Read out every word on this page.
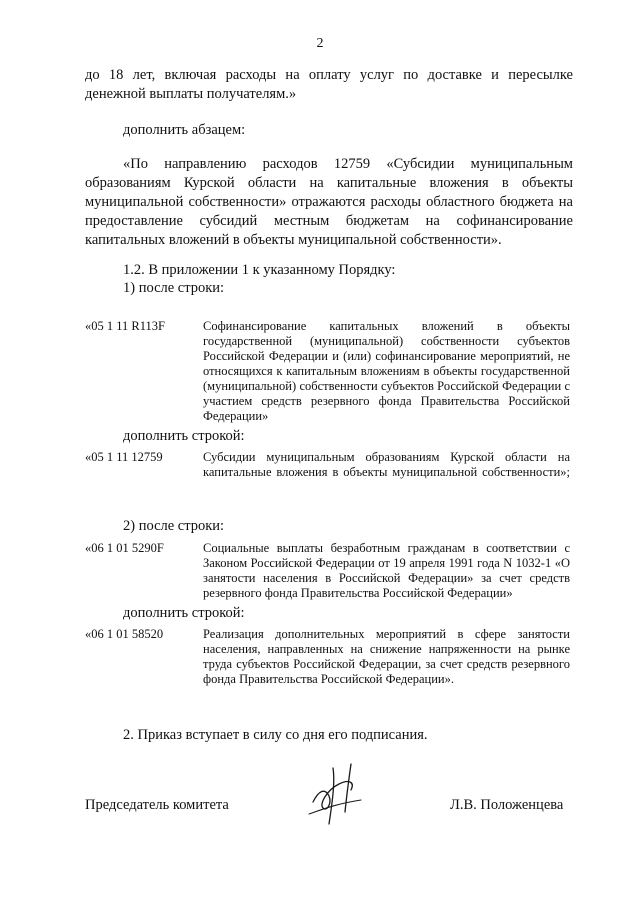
2
до 18 лет, включая расходы на оплату услуг по доставке и пересылке денежной выплаты получателям.»
дополнить абзацем:
«По направлению расходов 12759 «Субсидии муниципальным образованиям Курской области на капитальные вложения в объекты муниципальной собственности» отражаются расходы областного бюджета на предоставление субсидий местным бюджетам на софинансирование капитальных вложений в объекты муниципальной собственности».
1.2. В приложении 1 к указанному Порядку:
1) после строки:
«05 1 11 R113F	Софинансирование капитальных вложений в объекты государственной (муниципальной) собственности субъектов Российской Федерации и (или) софинансирование мероприятий, не относящихся к капитальным вложениям в объекты государственной (муниципальной) собственности субъектов Российской Федерации с участием средств резервного фонда Правительства Российской Федерации»
дополнить строкой:
«05 1 11 12759	Субсидии муниципальным образованиям Курской области на капитальные вложения в объекты муниципальной собственности»;
2) после строки:
«06 1 01 5290F	Социальные выплаты безработным гражданам в соответствии с Законом Российской Федерации от 19 апреля 1991 года N 1032-1 «О занятости населения в Российской Федерации» за счет средств резервного фонда Правительства Российской Федерации»
дополнить строкой:
«06 1 01 58520	Реализация дополнительных мероприятий в сфере занятости населения, направленных на снижение напряженности на рынке труда субъектов Российской Федерации, за счет средств резервного фонда Правительства Российской Федерации».
2. Приказ вступает в силу со дня его подписания.
Председатель комитета	Л.В. Положенцева
